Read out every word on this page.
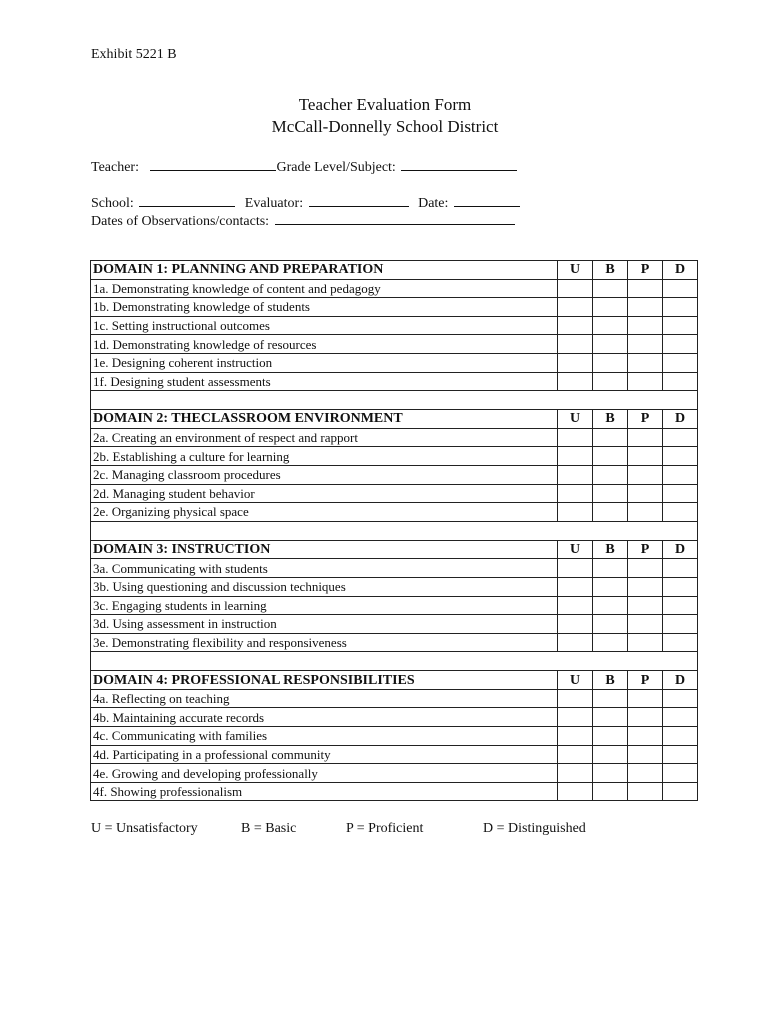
Exhibit 5221 B
Teacher Evaluation Form
McCall-Donnelly School District
Teacher:	Grade Level/Subject:
School:	Evaluator:	Date:
Dates of Observations/contacts:
DOMAIN 1: PLANNING AND PREPARATION	U	B	P	D
1a. Demonstrating knowledge of content and pedagogy				
1b. Demonstrating knowledge of students				
1c. Setting instructional outcomes				
1d. Demonstrating knowledge of resources				
1e. Designing coherent instruction				
1f. Designing student assessments				

DOMAIN 2: THECLASSROOM ENVIRONMENT	U	B	P	D
2a. Creating an environment of respect and rapport				
2b. Establishing a culture for learning				
2c. Managing classroom procedures				
2d. Managing student behavior				
2e. Organizing physical space				

DOMAIN 3: INSTRUCTION	U	B	P	D
3a. Communicating with students				
3b. Using questioning and discussion techniques				
3c. Engaging students in learning				
3d. Using assessment in instruction				
3e. Demonstrating flexibility and responsiveness				

DOMAIN 4: PROFESSIONAL RESPONSIBILITIES	U	B	P	D
4a. Reflecting on teaching				
4b. Maintaining accurate records				
4c. Communicating with families				
4d. Participating in a professional community				
4e. Growing and developing professionally				
4f. Showing professionalism				
U = Unsatisfactory	B = Basic	P = Proficient	D = Distinguished
